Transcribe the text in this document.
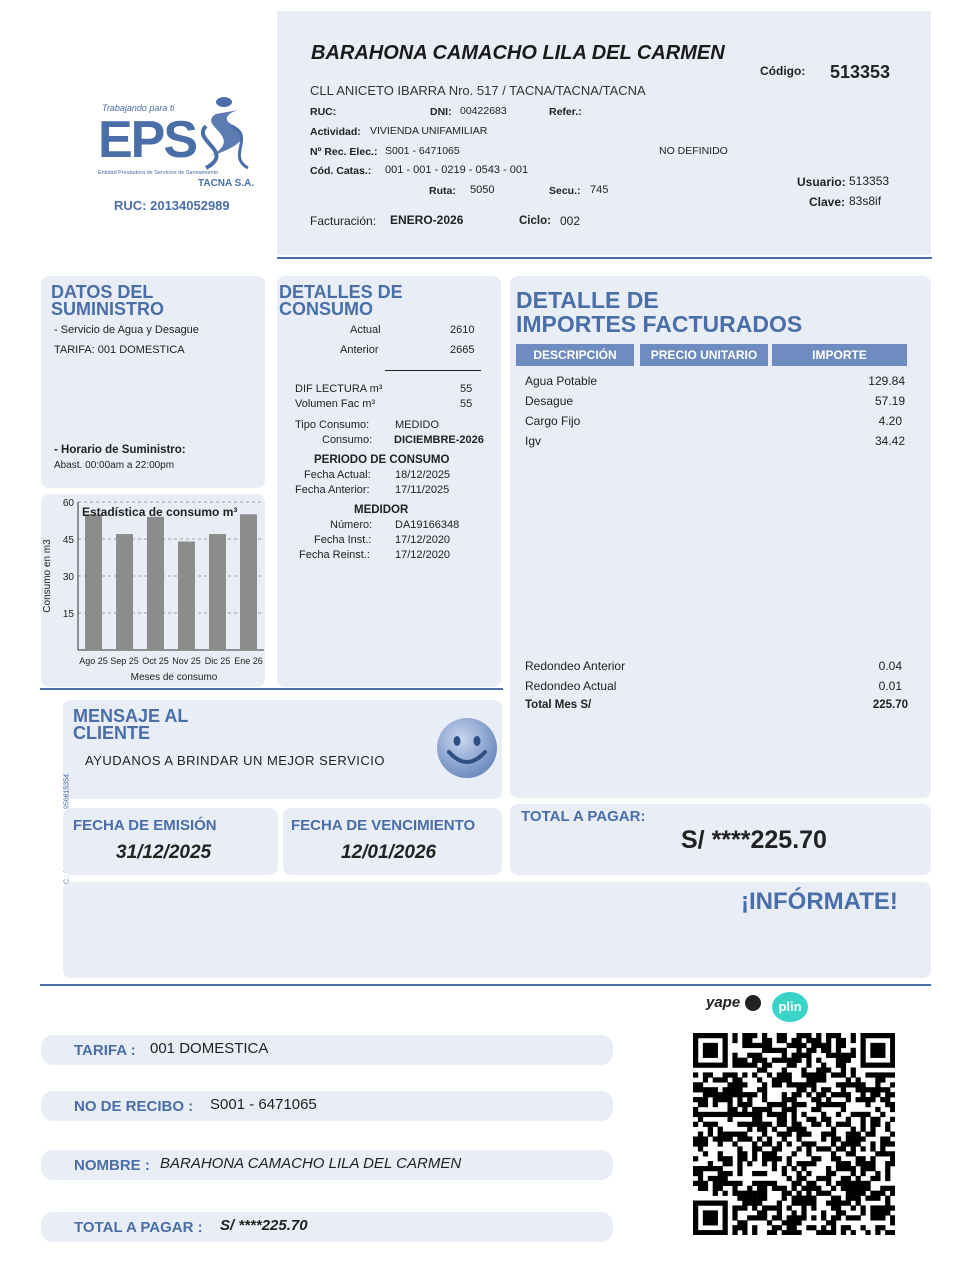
BARAHONA CAMACHO LILA DEL CARMEN
CLL ANICETO IBARRA Nro. 517 / TACNA/TACNA/TACNA
Código: 513353
RUC:	DNI: 00422683	Refer.:
Actividad: VIVIENDA UNIFAMILIAR
Nº Rec. Elec.: S001 - 6471065	NO DEFINIDO
Cód. Catas.: 001 - 001 - 0219 - 0543 - 001
Ruta: 5050	Secu.: 745
Usuario: 513353
Clave: 83s8if
Facturación: ENERO-2026	Ciclo: 002
Trabajando para ti
EPS
Entidad Prestadora de Servicios de Saneamiento
TACNA S.A.
RUC: 20134052989
DATOS DEL
SUMINISTRO
- Servicio de Agua y Desague
TARIFA: 001 DOMESTICA
- Horario de Suministro:
Abast. 00:00am a 22:00pm
15
30
45
60
Ago 25 Sep 25 Oct 25 Nov 25 Dic 25 Ene 26
Estadística de consumo m³
Meses de consumo
Consumo en m3
DETALLES DE
CONSUMO
Actual	2610
Anterior	2665
DIF LECTURA m³	55
Volumen Fac m³	55
Tipo Consumo: MEDIDO
Consumo: DICIEMBRE-2026
PERIODO DE CONSUMO
Fecha Actual: 18/12/2025
Fecha Anterior: 17/11/2025
MEDIDOR
Número: DA19166348
Fecha Inst.: 17/12/2020
Fecha Reinst.: 17/12/2020
DETALLE DE
IMPORTES FACTURADOS
DESCRIPCIÓN	PRECIO UNITARIO	IMPORTE
Agua Potable	129.84
Desague	57.19
Cargo Fijo	4.20
Igv	34.42
Redondeo Anterior	0.04
Redondeo Actual	0.01
Total Mes S/	225.70
MENSAJE AL
CLIENTE
AYUDANOS A BRINDAR UN MEJOR SERVICIO
FECHA DE EMISIÓN
31/12/2025
FECHA DE VENCIMIENTO
12/01/2026
TOTAL A PAGAR:
S/ ****225.70
¡INFÓRMATE!
yape	plin
TARIFA : 001 DOMESTICA
NO DE RECIBO : S001 - 6471065
NOMBRE : BARAHONA CAMACHO LILA DEL CARMEN
TOTAL A PAGAR : S/ ****225.70
